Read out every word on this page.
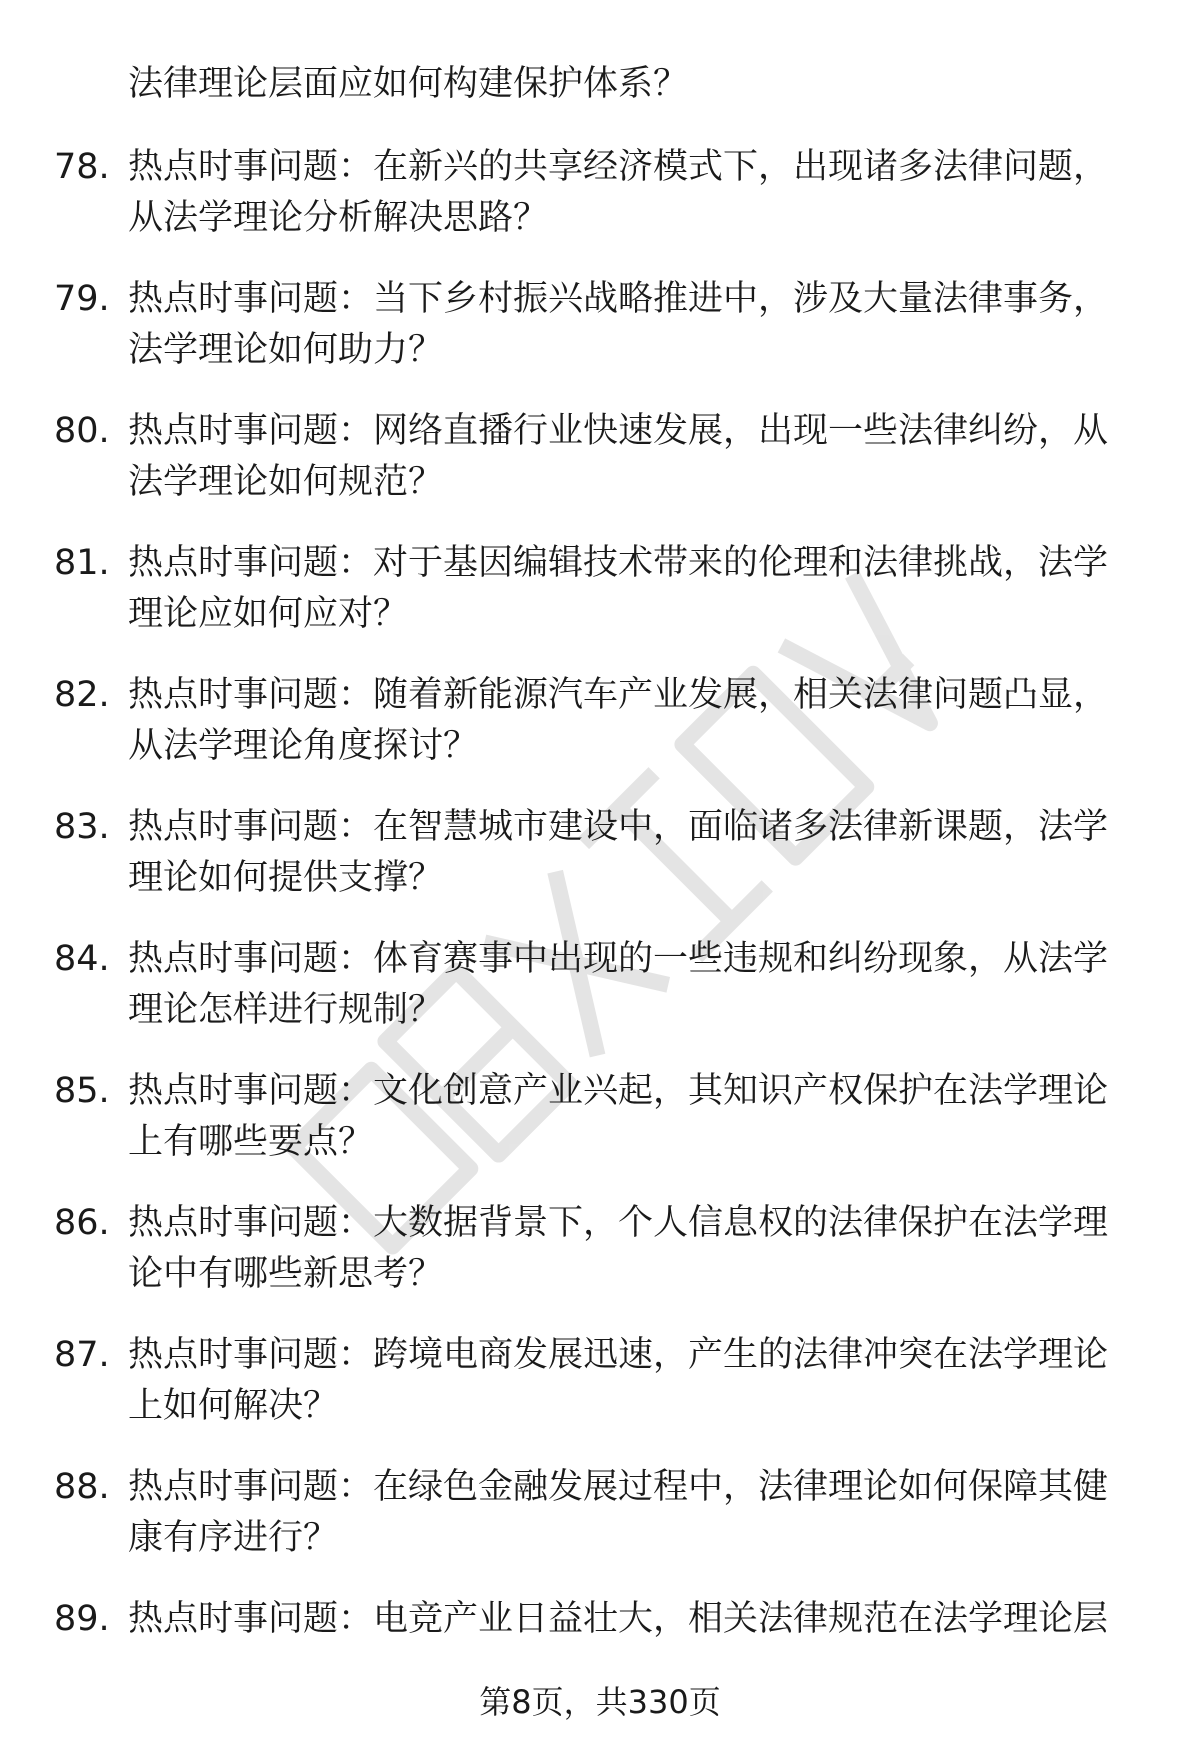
法律理论层面应如何构建保护体系？
78. 热点时事问题：在新兴的共享经济模式下，出现诸多法律问题，
从法学理论分析解决思路？
79. 热点时事问题：当下乡村振兴战略推进中，涉及大量法律事务，
法学理论如何助力？
80. 热点时事问题：网络直播行业快速发展，出现一些法律纠纷，从
法学理论如何规范？
81. 热点时事问题：对于基因编辑技术带来的伦理和法律挑战，法学
理论应如何应对？
82. 热点时事问题：随着新能源汽车产业发展，相关法律问题凸显，
从法学理论角度探讨？
83. 热点时事问题：在智慧城市建设中，面临诸多法律新课题，法学
理论如何提供支撑？
84. 热点时事问题：体育赛事中出现的一些违规和纠纷现象，从法学
理论怎样进行规制？
85. 热点时事问题：文化创意产业兴起，其知识产权保护在法学理论
上有哪些要点？
86. 热点时事问题：大数据背景下，个人信息权的法律保护在法学理
论中有哪些新思考？
87. 热点时事问题：跨境电商发展迅速，产生的法律冲突在法学理论
上如何解决？
88. 热点时事问题：在绿色金融发展过程中，法律理论如何保障其健
康有序进行？
89. 热点时事问题：电竞产业日益壮大，相关法律规范在法学理论层
第8页，共330页
